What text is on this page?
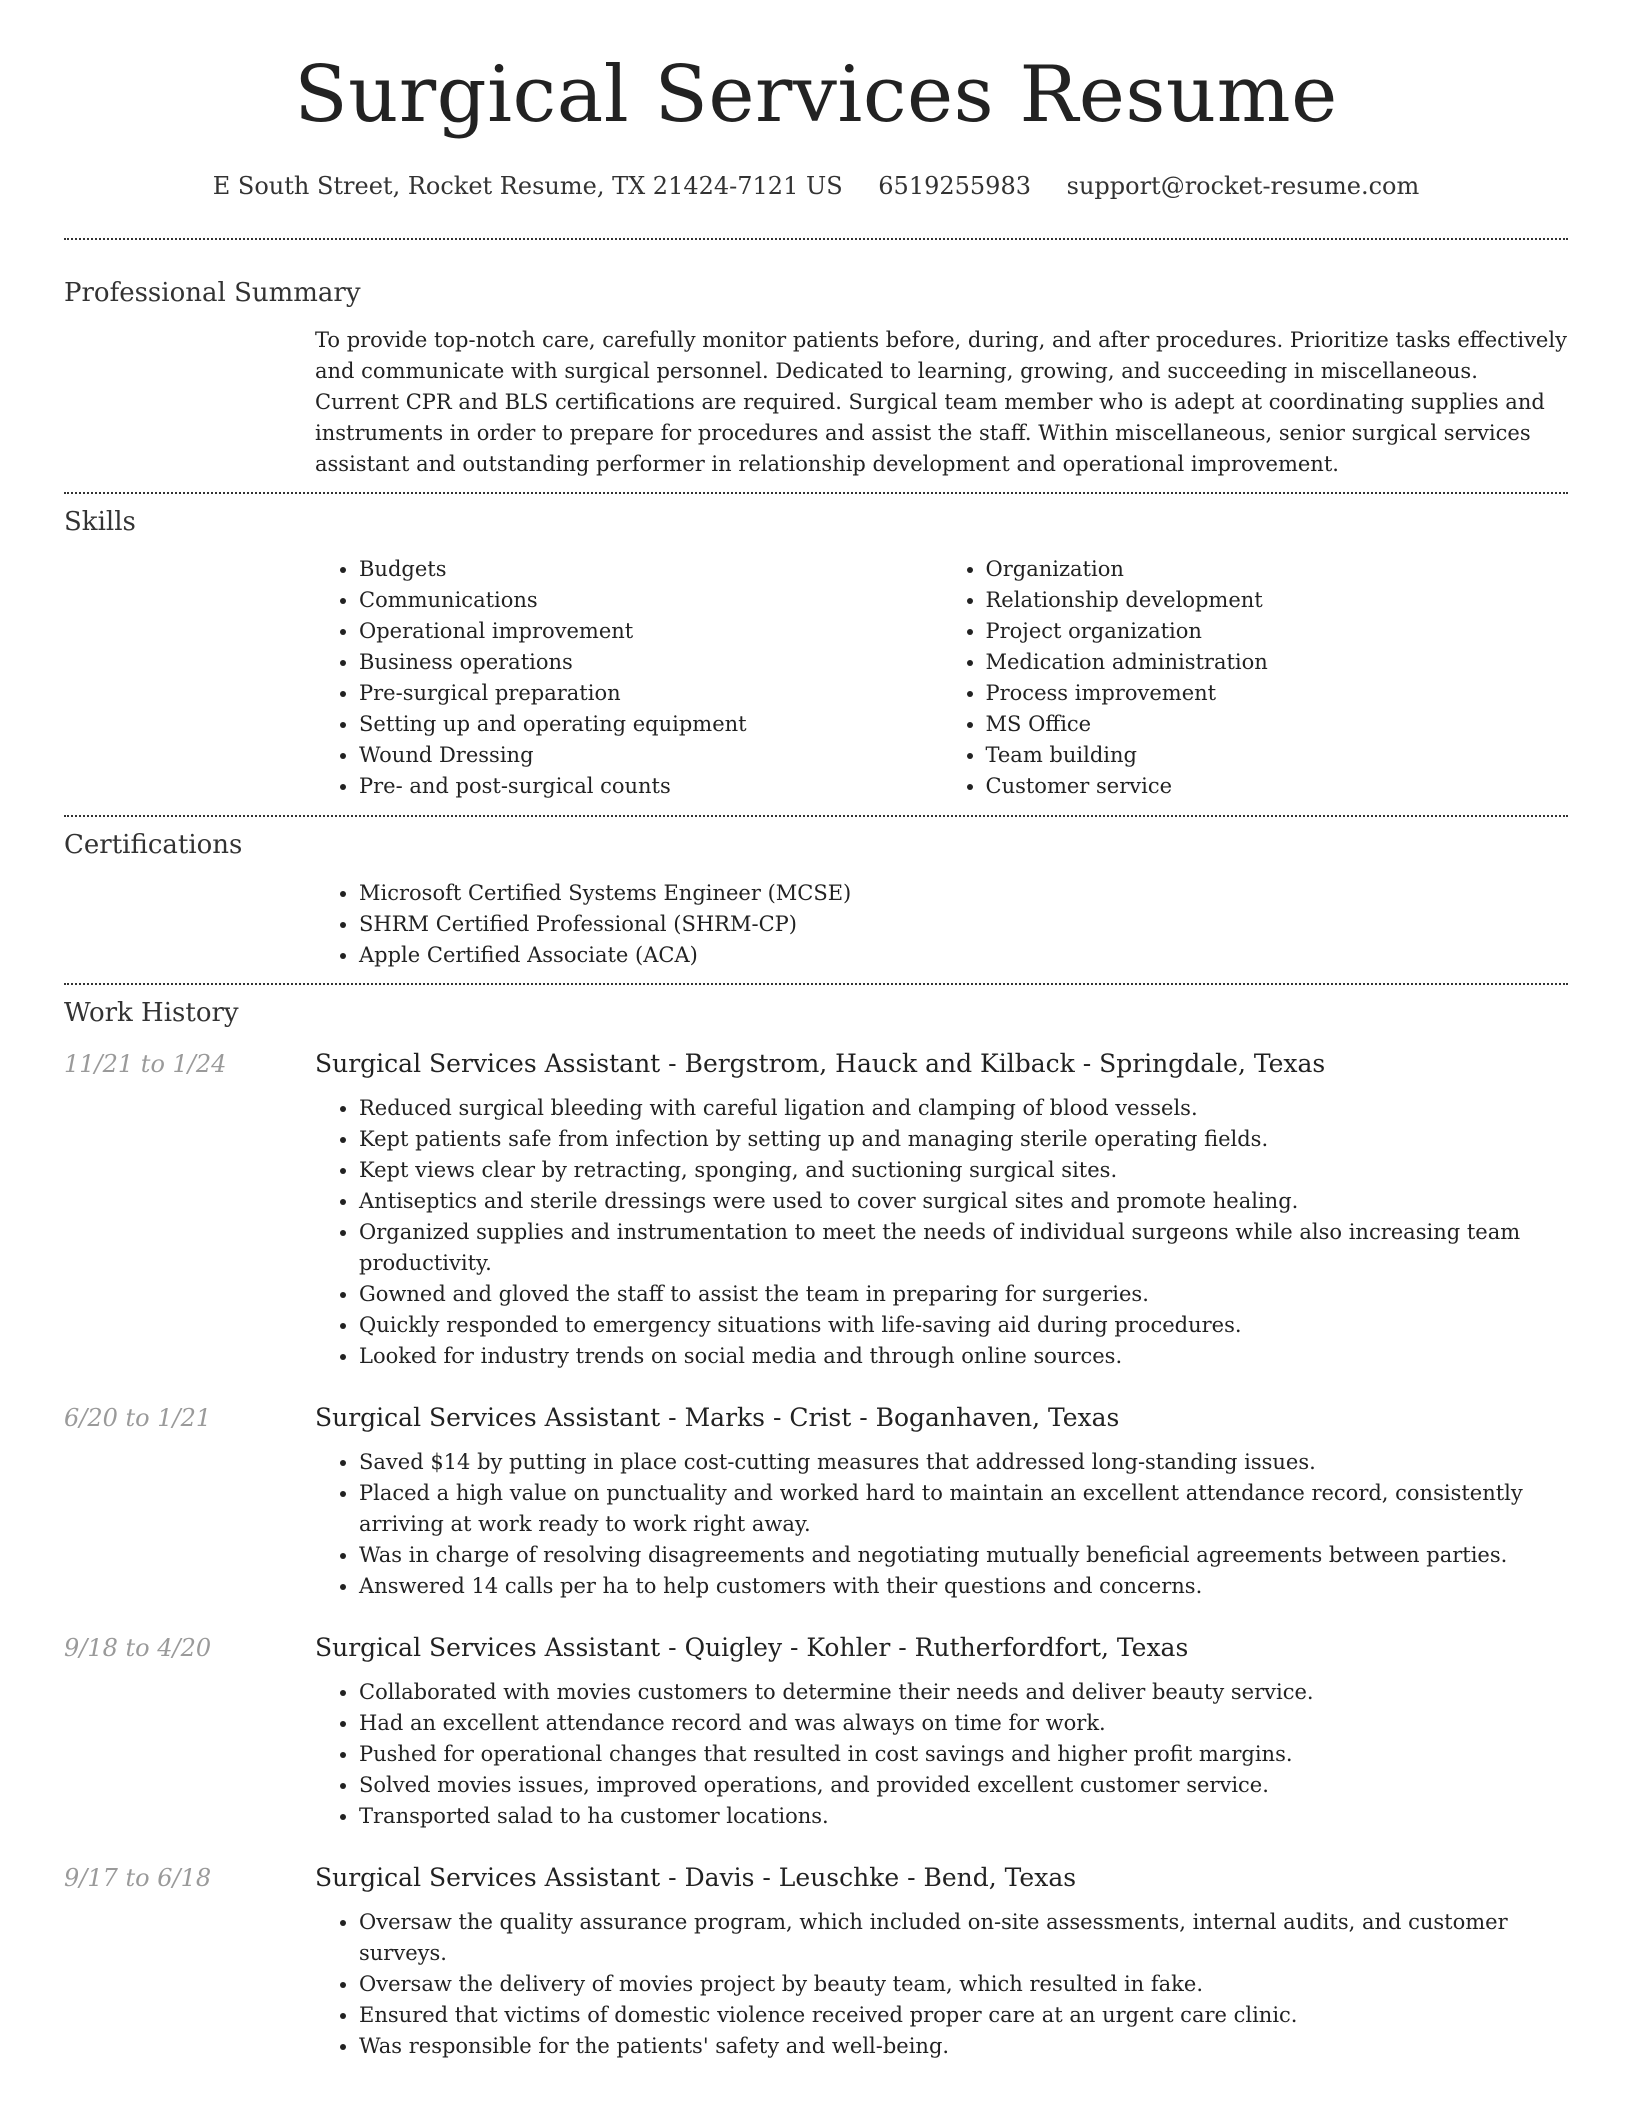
Surgical Services Resume
E South Street, Rocket Resume, TX 21424-7121 US 6519255983 support@rocket-resume.com
Professional Summary

To provide top-notch care, carefully monitor patients before, during, and after procedures. Prioritize tasks effectively and communicate with surgical personnel. Dedicated to learning, growing, and succeeding in miscellaneous. Current CPR and BLS certifications are required. Surgical team member who is adept at coordinating supplies and instruments in order to prepare for procedures and assist the staff. Within miscellaneous, senior surgical services assistant and outstanding performer in relationship development and operational improvement.

Skills
• Budgets
• Communications
• Operational improvement
• Business operations
• Pre-surgical preparation
• Setting up and operating equipment
• Wound Dressing
• Pre- and post-surgical counts
• Organization
• Relationship development
• Project organization
• Medication administration
• Process improvement
• MS Office
• Team building
• Customer service
Certifications
• Microsoft Certified Systems Engineer (MCSE)
• SHRM Certified Professional (SHRM-CP)
• Apple Certified Associate (ACA)
Work History
11/21 to 1/24	Surgical Services Assistant - Bergstrom, Hauck and Kilback - Springdale, Texas
• Reduced surgical bleeding with careful ligation and clamping of blood vessels.
• Kept patients safe from infection by setting up and managing sterile operating fields.
• Kept views clear by retracting, sponging, and suctioning surgical sites.
• Antiseptics and sterile dressings were used to cover surgical sites and promote healing.
• Organized supplies and instrumentation to meet the needs of individual surgeons while also increasing team productivity.
• Gowned and gloved the staff to assist the team in preparing for surgeries.
• Quickly responded to emergency situations with life-saving aid during procedures.
• Looked for industry trends on social media and through online sources.
6/20 to 1/21	Surgical Services Assistant - Marks - Crist - Boganhaven, Texas
• Saved $14 by putting in place cost-cutting measures that addressed long-standing issues.
• Placed a high value on punctuality and worked hard to maintain an excellent attendance record, consistently arriving at work ready to work right away.
• Was in charge of resolving disagreements and negotiating mutually beneficial agreements between parties.
• Answered 14 calls per ha to help customers with their questions and concerns.
9/18 to 4/20	Surgical Services Assistant - Quigley - Kohler - Rutherfordfort, Texas
• Collaborated with movies customers to determine their needs and deliver beauty service.
• Had an excellent attendance record and was always on time for work.
• Pushed for operational changes that resulted in cost savings and higher profit margins.
• Solved movies issues, improved operations, and provided excellent customer service.
• Transported salad to ha customer locations.
9/17 to 6/18	Surgical Services Assistant - Davis - Leuschke - Bend, Texas
• Oversaw the quality assurance program, which included on-site assessments, internal audits, and customer surveys.
• Oversaw the delivery of movies project by beauty team, which resulted in fake.
• Ensured that victims of domestic violence received proper care at an urgent care clinic.
• Was responsible for the patients' safety and well-being.
